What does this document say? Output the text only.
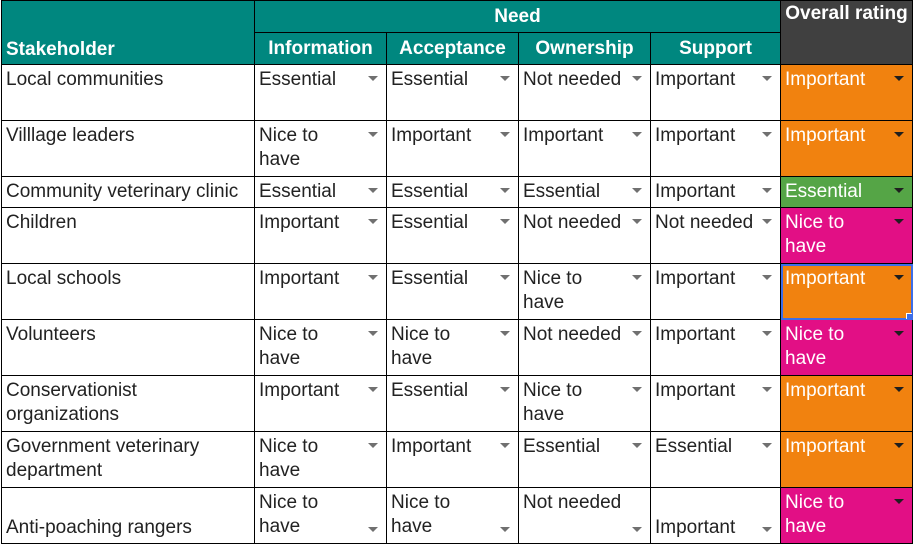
Stakeholder	Need				Overall rating
	Information	Acceptance	Ownership	Support	

Local communities	Essential	Essential	Not needed	Important	Important

Villlage leaders	Nice to have	Important	Important	Important	Important

Community veterinary clinic	Essential	Essential	Essential	Important	Essential

Children	Important	Essential	Not needed	Not needed	Nice to have

Local schools	Important	Essential	Nice to have	Important	Important

Volunteers	Nice to have	Nice to have	Not needed	Important	Nice to have

Conservationist organizations	Important	Essential	Nice to have	Important	Important

Government veterinary department	Nice to have	Important	Essential	Essential	Important

Anti-poaching rangers	Nice to have	Nice to have	Not needed	Important	Nice to have
